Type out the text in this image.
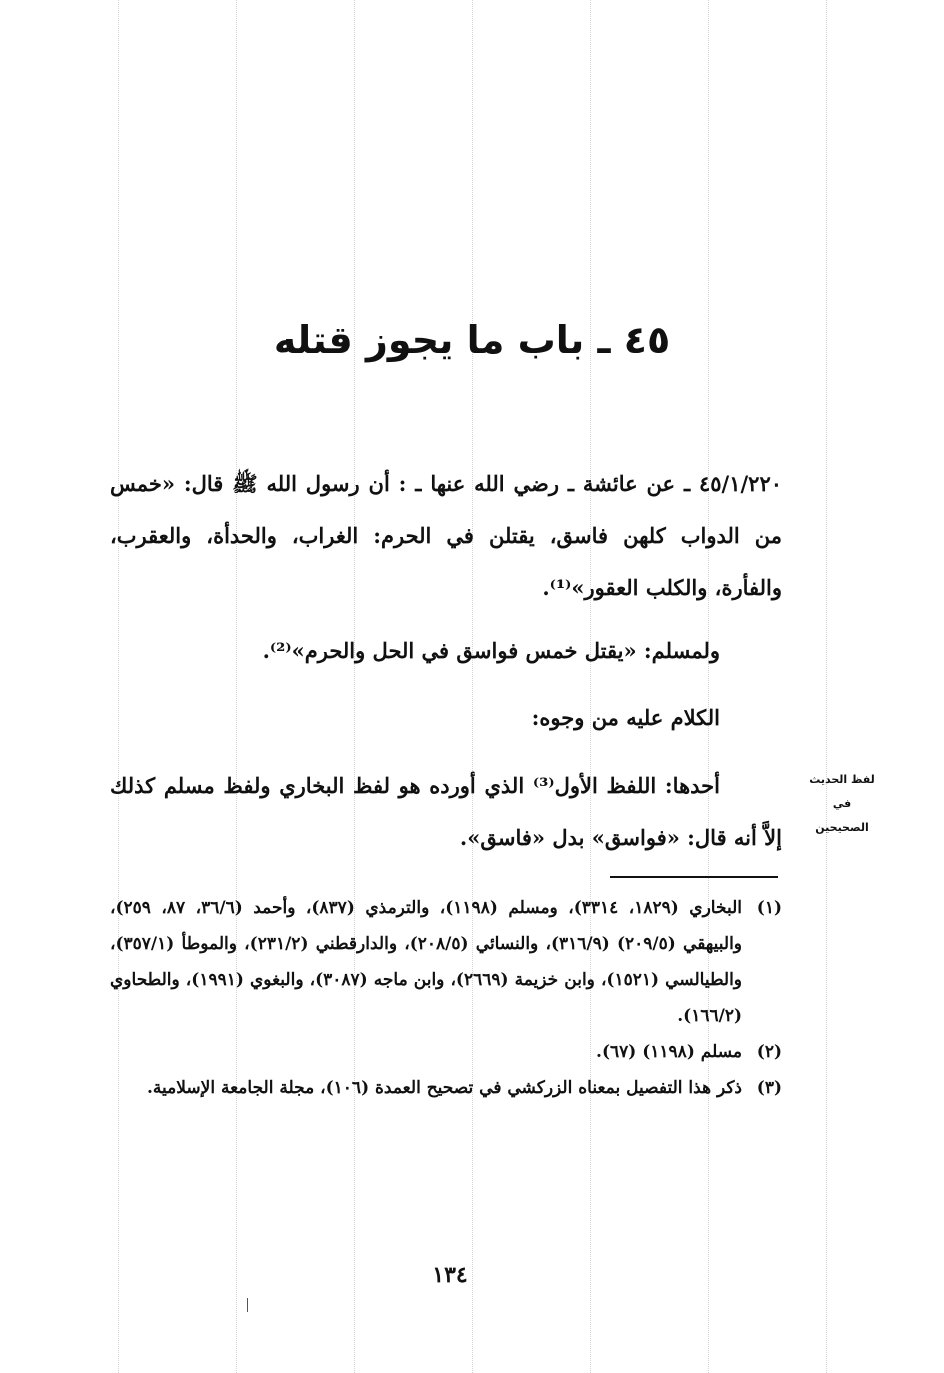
٤٥ ـ باب ما يجوز قتله
٤٥/١/٢٢٠ ـ عن عائشة ـ رضي الله عنها ـ : أن رسول الله ﷺ قال: «خمس من الدواب كلهن فاسق، يقتلن في الحرم: الغراب، والحدأة، والعقرب، والفأرة، والكلب العقور»⁽¹⁾.
ولمسلم: «يقتل خمس فواسق في الحل والحرم»⁽²⁾.
الكلام عليه من وجوه:
أحدها: اللفظ الأول⁽³⁾ الذي أورده هو لفظ البخاري ولفظ مسلم كذلك إلاَّ أنه قال: «فواسق» بدل «فاسق».
لفظ الحديث في الصحيحين
(١)
البخاري (١٨٢٩، ٣٣١٤)، ومسلم (١١٩٨)، والترمذي (٨٣٧)، وأحمد (٣٦/٦، ٨٧، ٢٥٩)، والبيهقي (٢٠٩/٥) (٣١٦/٩)، والنسائي (٢٠٨/٥)، والدارقطني (٢٣١/٢)، والموطأ (٣٥٧/١)، والطيالسي (١٥٢١)، وابن خزيمة (٢٦٦٩)، وابن ماجه (٣٠٨٧)، والبغوي (١٩٩١)، والطحاوي (١٦٦/٢).
(٢)
مسلم (١١٩٨) (٦٧).
(٣)
ذكر هذا التفصيل بمعناه الزركشي في تصحيح العمدة (١٠٦)، مجلة الجامعة الإسلامية.
١٣٤
